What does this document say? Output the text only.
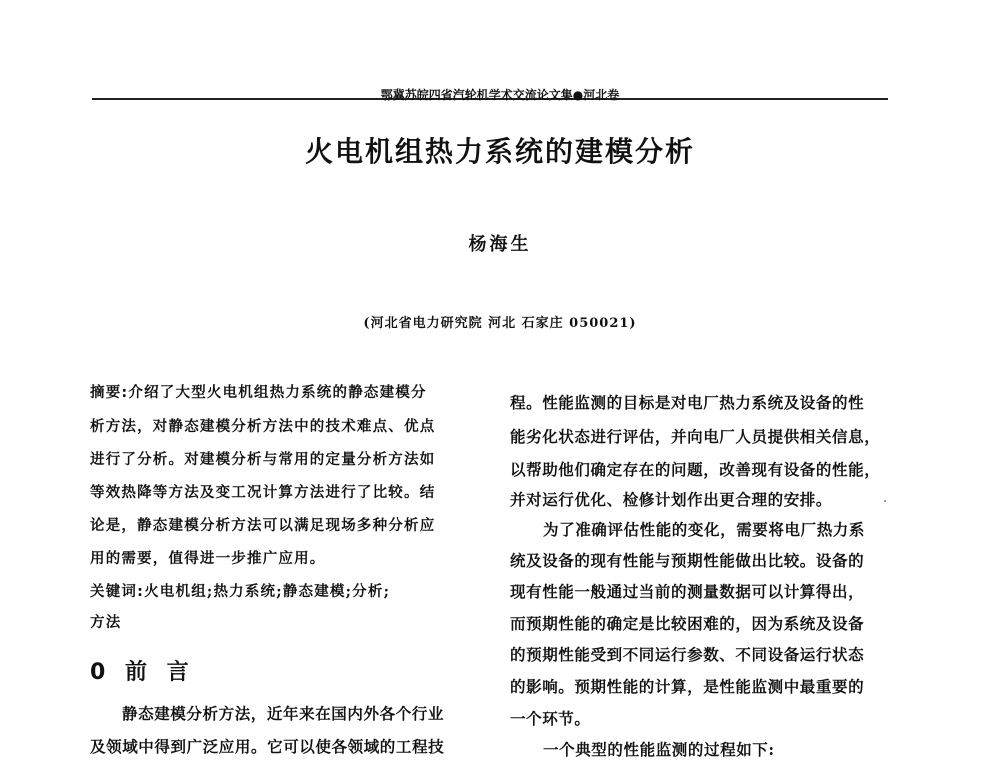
鄂冀苏皖四省汽轮机学术交流论文集●河北卷
火电机组热力系统的建模分析
杨海生
(河北省电力研究院 河北 石家庄 050021)
摘要:介绍了大型火电机组热力系统的静态建模分
析方法，对静态建模分析方法中的技术难点、优点
进行了分析。对建模分析与常用的定量分析方法如
等效热降等方法及变工况计算方法进行了比较。结
论是，静态建模分析方法可以满足现场多种分析应
用的需要，值得进一步推广应用。
关键词:火电机组;热力系统;静态建模;分析;
方法
0 前 言
静态建模分析方法，近年来在国内外各个行业
及领域中得到广泛应用。它可以使各领域的工程技
程。性能监测的目标是对电厂热力系统及设备的性
能劣化状态进行评估，并向电厂人员提供相关信息，
以帮助他们确定存在的问题，改善现有设备的性能，
并对运行优化、检修计划作出更合理的安排。
为了准确评估性能的变化，需要将电厂热力系
统及设备的现有性能与预期性能做出比较。设备的
现有性能一般通过当前的测量数据可以计算得出，
而预期性能的确定是比较困难的，因为系统及设备
的预期性能受到不同运行参数、不同设备运行状态
的影响。预期性能的计算，是性能监测中最重要的
一个环节。
一个典型的性能监测的过程如下:
